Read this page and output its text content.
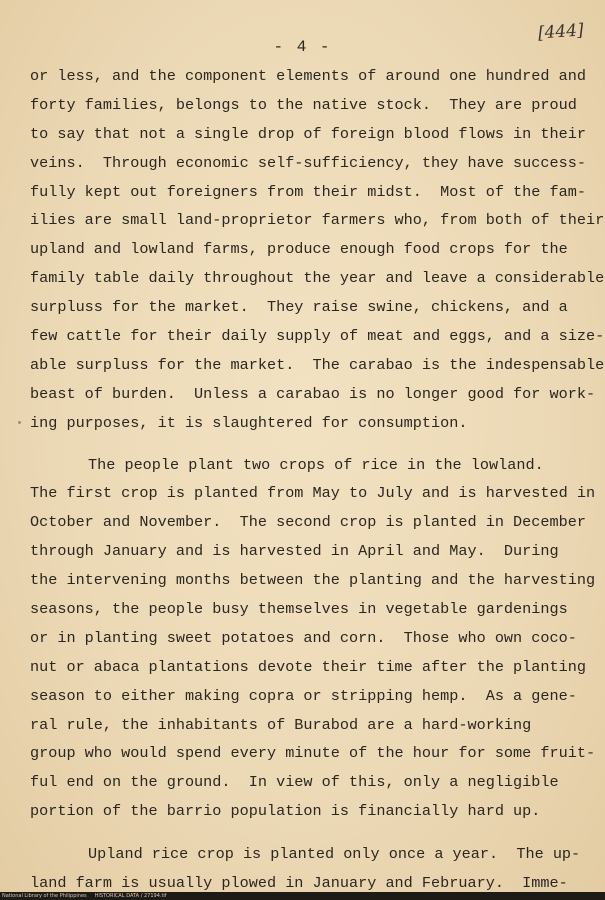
- 4 -
[444]
or less, and the component elements of around one hundred and
forty families, belongs to the native stock.  They are proud
to say that not a single drop of foreign blood flows in their
veins.  Through economic self-sufficiency, they have success-
fully kept out foreigners from their midst.  Most of the fam-
ilies are small land-proprietor farmers who, from both of their
upland and lowland farms, produce enough food crops for the
family table daily throughout the year and leave a considerable
surpluss for the market.  They raise swine, chickens, and a
few cattle for their daily supply of meat and eggs, and a size-
able surpluss for the market.  The carabao is the indespensable
beast of burden.  Unless a carabao is no longer good for work-
ing purposes, it is slaughtered for consumption.
The people plant two crops of rice in the lowland.
The first crop is planted from May to July and is harvested in
October and November.  The second crop is planted in December
through January and is harvested in April and May.  During
the intervening months between the planting and the harvesting
seasons, the people busy themselves in vegetable gardenings
or in planting sweet potatoes and corn.  Those who own coco-
nut or abaca plantations devote their time after the planting
season to either making copra or stripping hemp.  As a gene-
ral rule, the inhabitants of Burabod are a hard-working
group who would spend every minute of the hour for some fruit-
ful end on the ground.  In view of this, only a negligible
portion of the barrio population is financially hard up.
Upland rice crop is planted only once a year.  The up-
land farm is usually plowed in January and February.  Imme-
National Library of the Philippines     HISTORICAL DATA / 27194.tif
